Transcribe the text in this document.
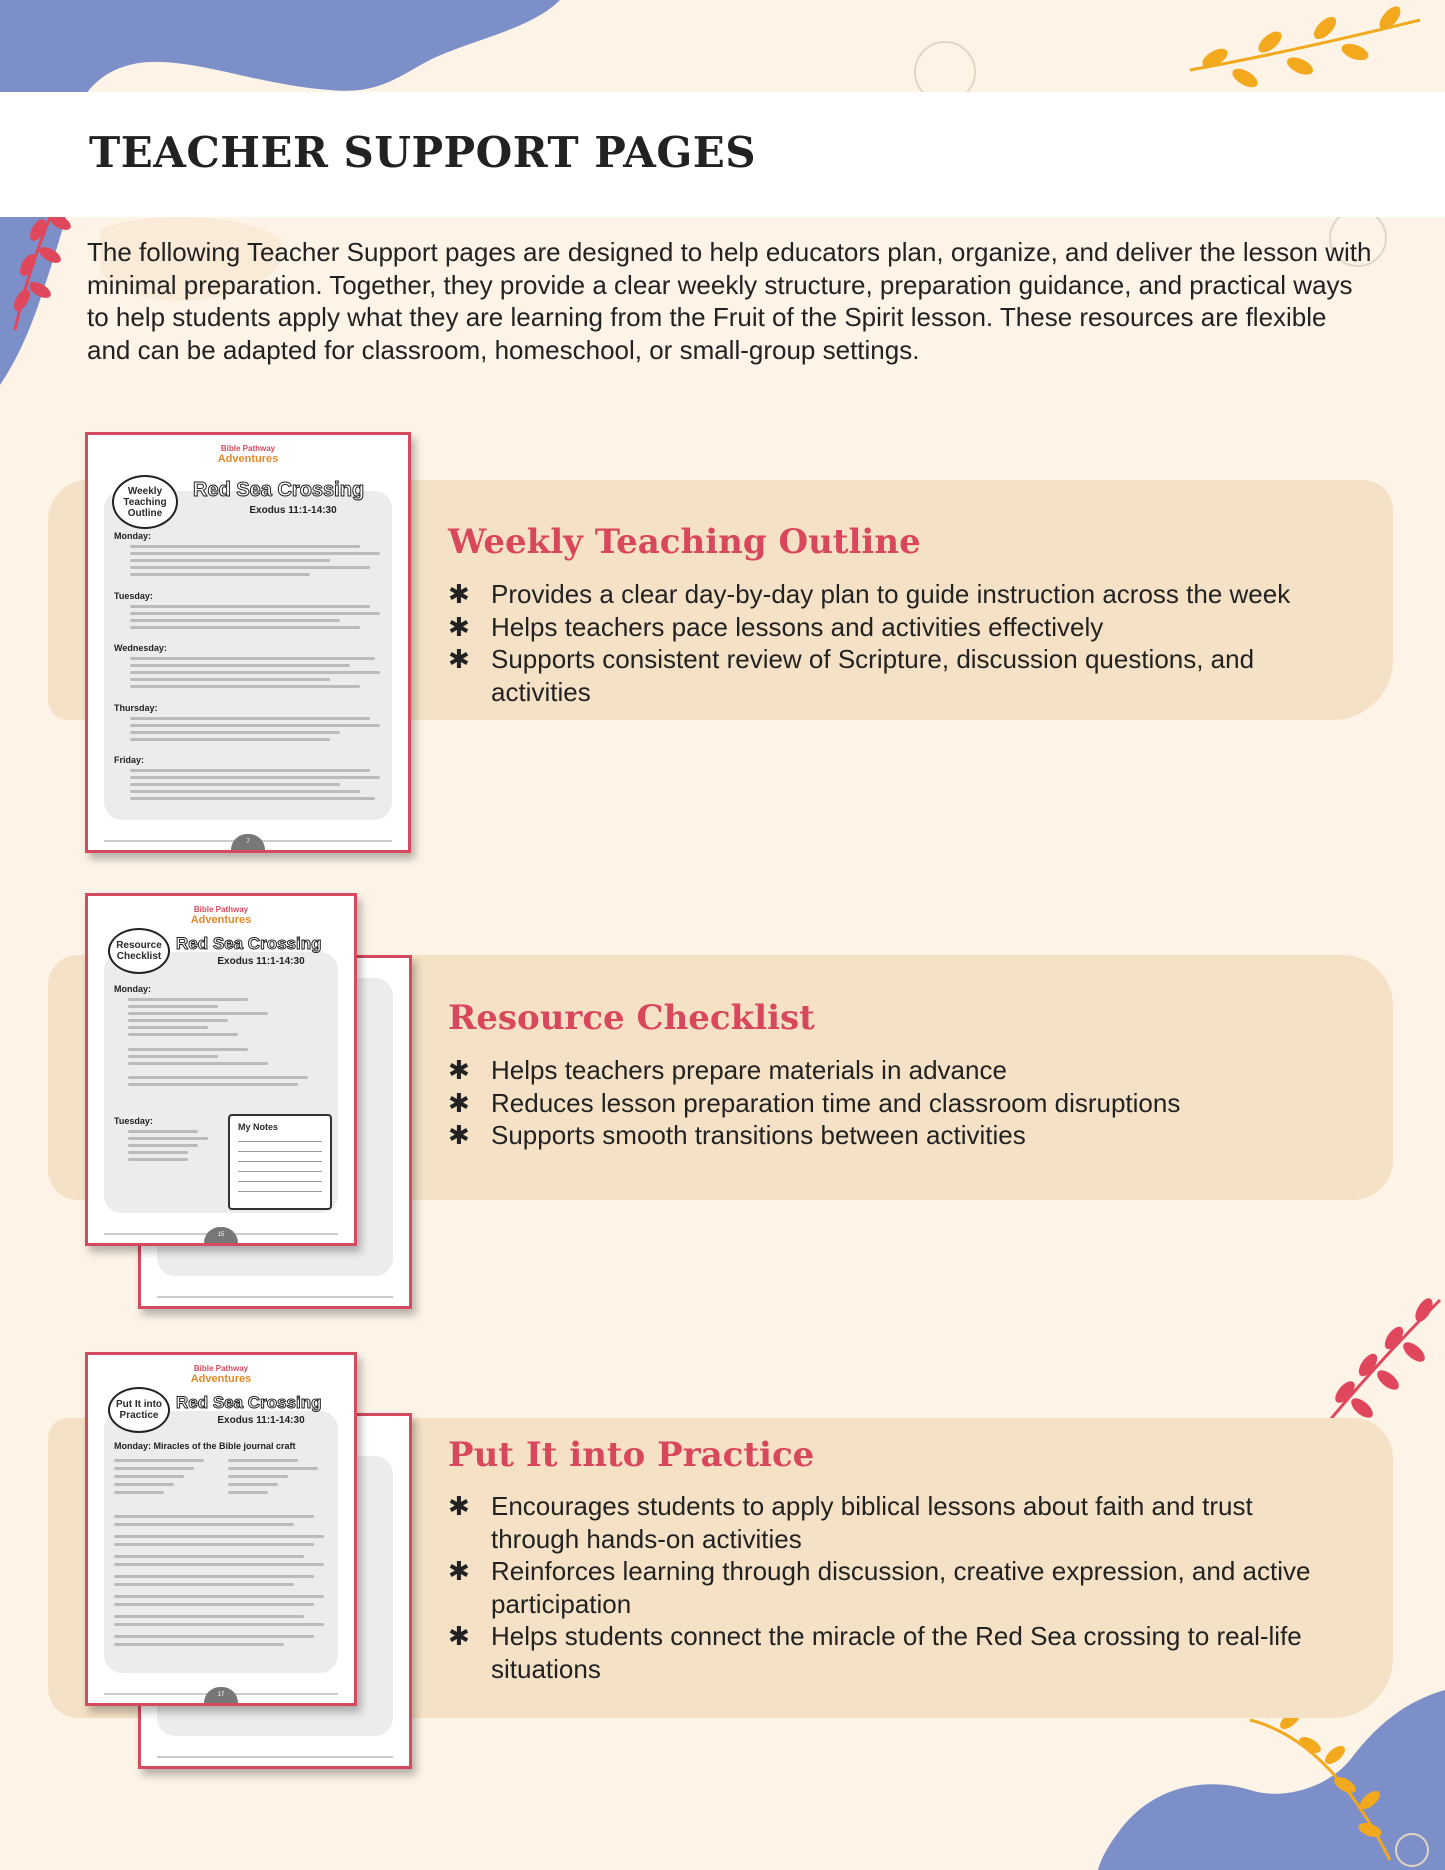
TEACHER SUPPORT PAGES

The following Teacher Support pages are designed to help educators plan, organize, and deliver the lesson with minimal preparation. Together, they provide a clear weekly structure, preparation guidance, and practical ways to help students apply what they are learning from the Fruit of the Spirit lesson. These resources are flexible and can be adapted for classroom, homeschool, or small-group settings.

Bible Pathway
Adventures
Weekly Teaching Outline
Red Sea Crossing
Exodus 11:1-14:30
Monday:
Tuesday:
Wednesday:
Thursday:
Friday:
7
Weekly Teaching Outline
✱ Provides a clear day-by-day plan to guide instruction across the week
✱ Helps teachers pace lessons and activities effectively
✱ Supports consistent review of Scripture, discussion questions, and activities
Bible Pathway
Adventures
Resource Checklist
Red Sea Crossing
Exodus 11:1-14:30
Monday:
Tuesday:
My Notes
15
Resource Checklist
✱ Helps teachers prepare materials in advance
✱ Reduces lesson preparation time and classroom disruptions
✱ Supports smooth transitions between activities
Bible Pathway
Adventures
Put It into Practice
Red Sea Crossing
Exodus 11:1-14:30
Monday: Miracles of the Bible journal craft
17
Put It into Practice
✱ Encourages students to apply biblical lessons about faith and trust through hands-on activities
✱ Reinforces learning through discussion, creative expression, and active participation
✱ Helps students connect the miracle of the Red Sea crossing to real-life situations
